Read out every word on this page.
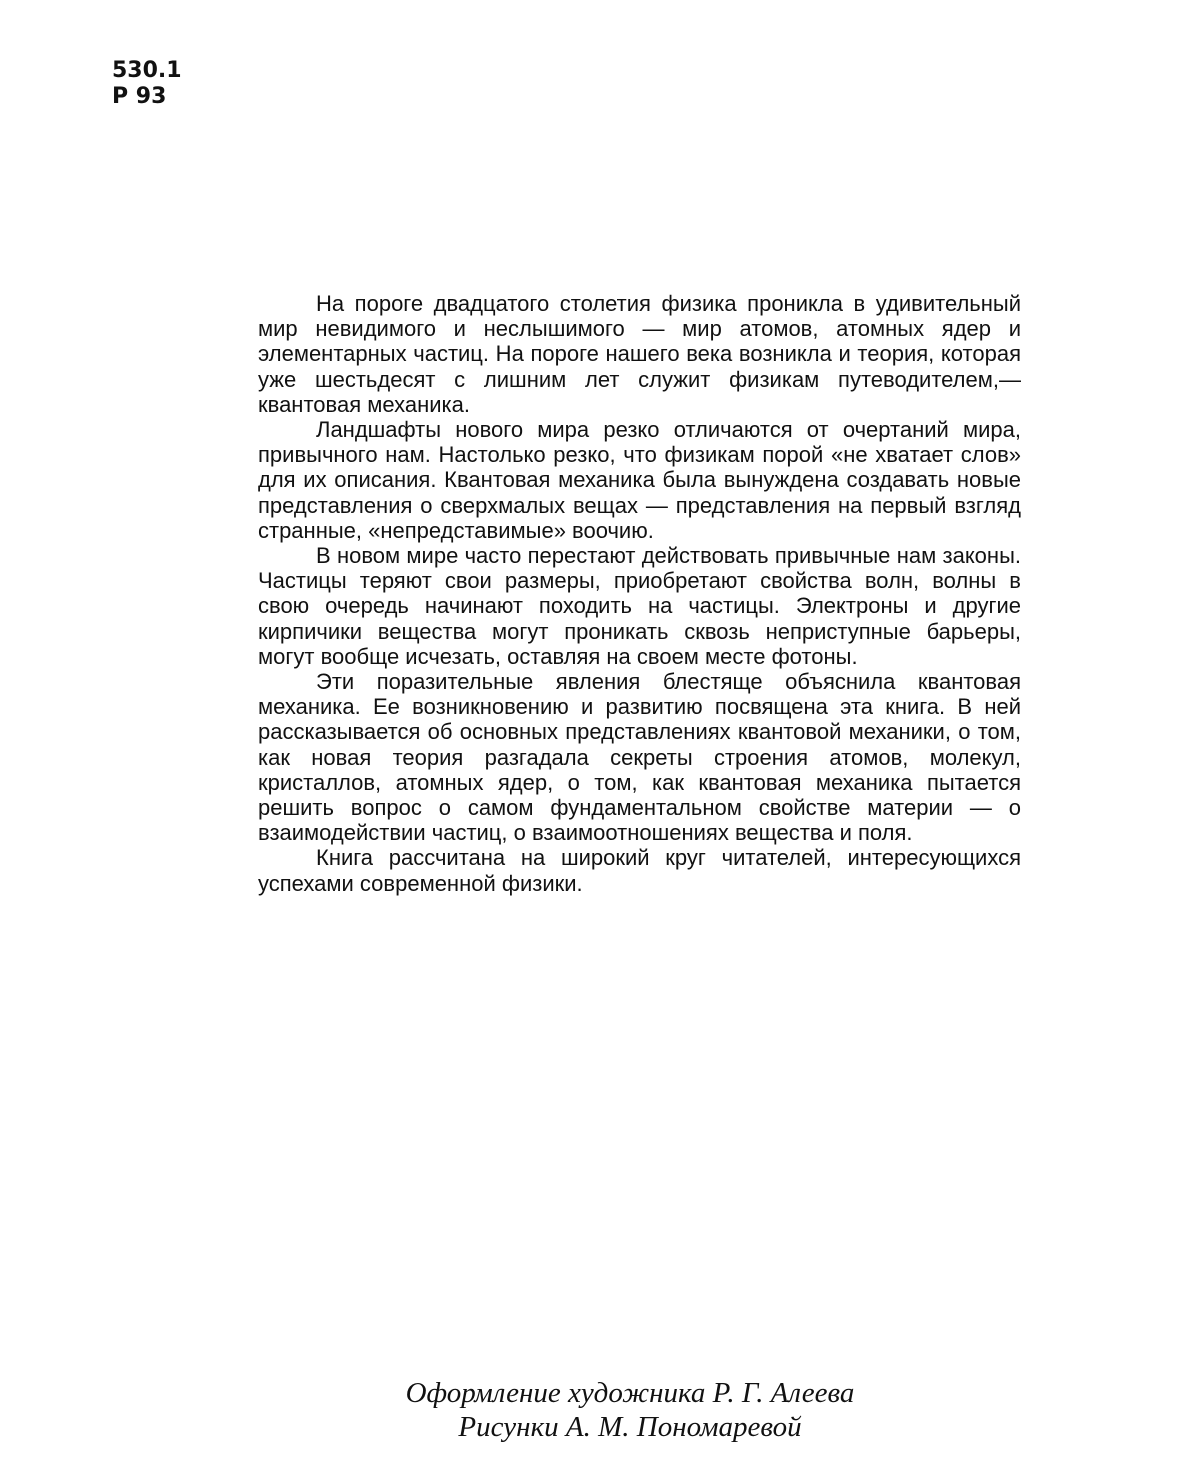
530.1
Р 93

На пороге двадцатого столетия физика проникла в удивительный мир невидимого и неслышимого — мир атомов, атомных ядер и элементарных частиц. На пороге нашего века возникла и теория, которая уже шестьдесят с лишним лет служит физикам путеводителем,— квантовая механика.

Ландшафты нового мира резко отличаются от очертаний мира, привычного нам. Настолько резко, что физикам порой «не хватает слов» для их описания. Квантовая механика была вынуждена создавать новые представления о сверхмалых вещах — представления на первый взгляд странные, «непредставимые» воочию.

В новом мире часто перестают действовать привычные нам законы. Частицы теряют свои размеры, приобретают свойства волн, волны в свою очередь начинают походить на частицы. Электроны и другие кирпичики вещества могут проникать сквозь неприступные барьеры, могут вообще исчезать, оставляя на своем месте фотоны.

Эти поразительные явления блестяще объяснила квантовая механика. Ее возникновению и развитию посвящена эта книга. В ней рассказывается об основных представлениях квантовой механики, о том, как новая теория разгадала секреты строения атомов, молекул, кристаллов, атомных ядер, о том, как квантовая механика пытается решить вопрос о самом фундаментальном свойстве материи — о взаимодействии частиц, о взаимоотношениях вещества и поля.

Книга рассчитана на широкий круг читателей, интересующихся успехами современной физики.

Оформление художника Р. Г. Алеева
Рисунки А. М. Пономаревой
